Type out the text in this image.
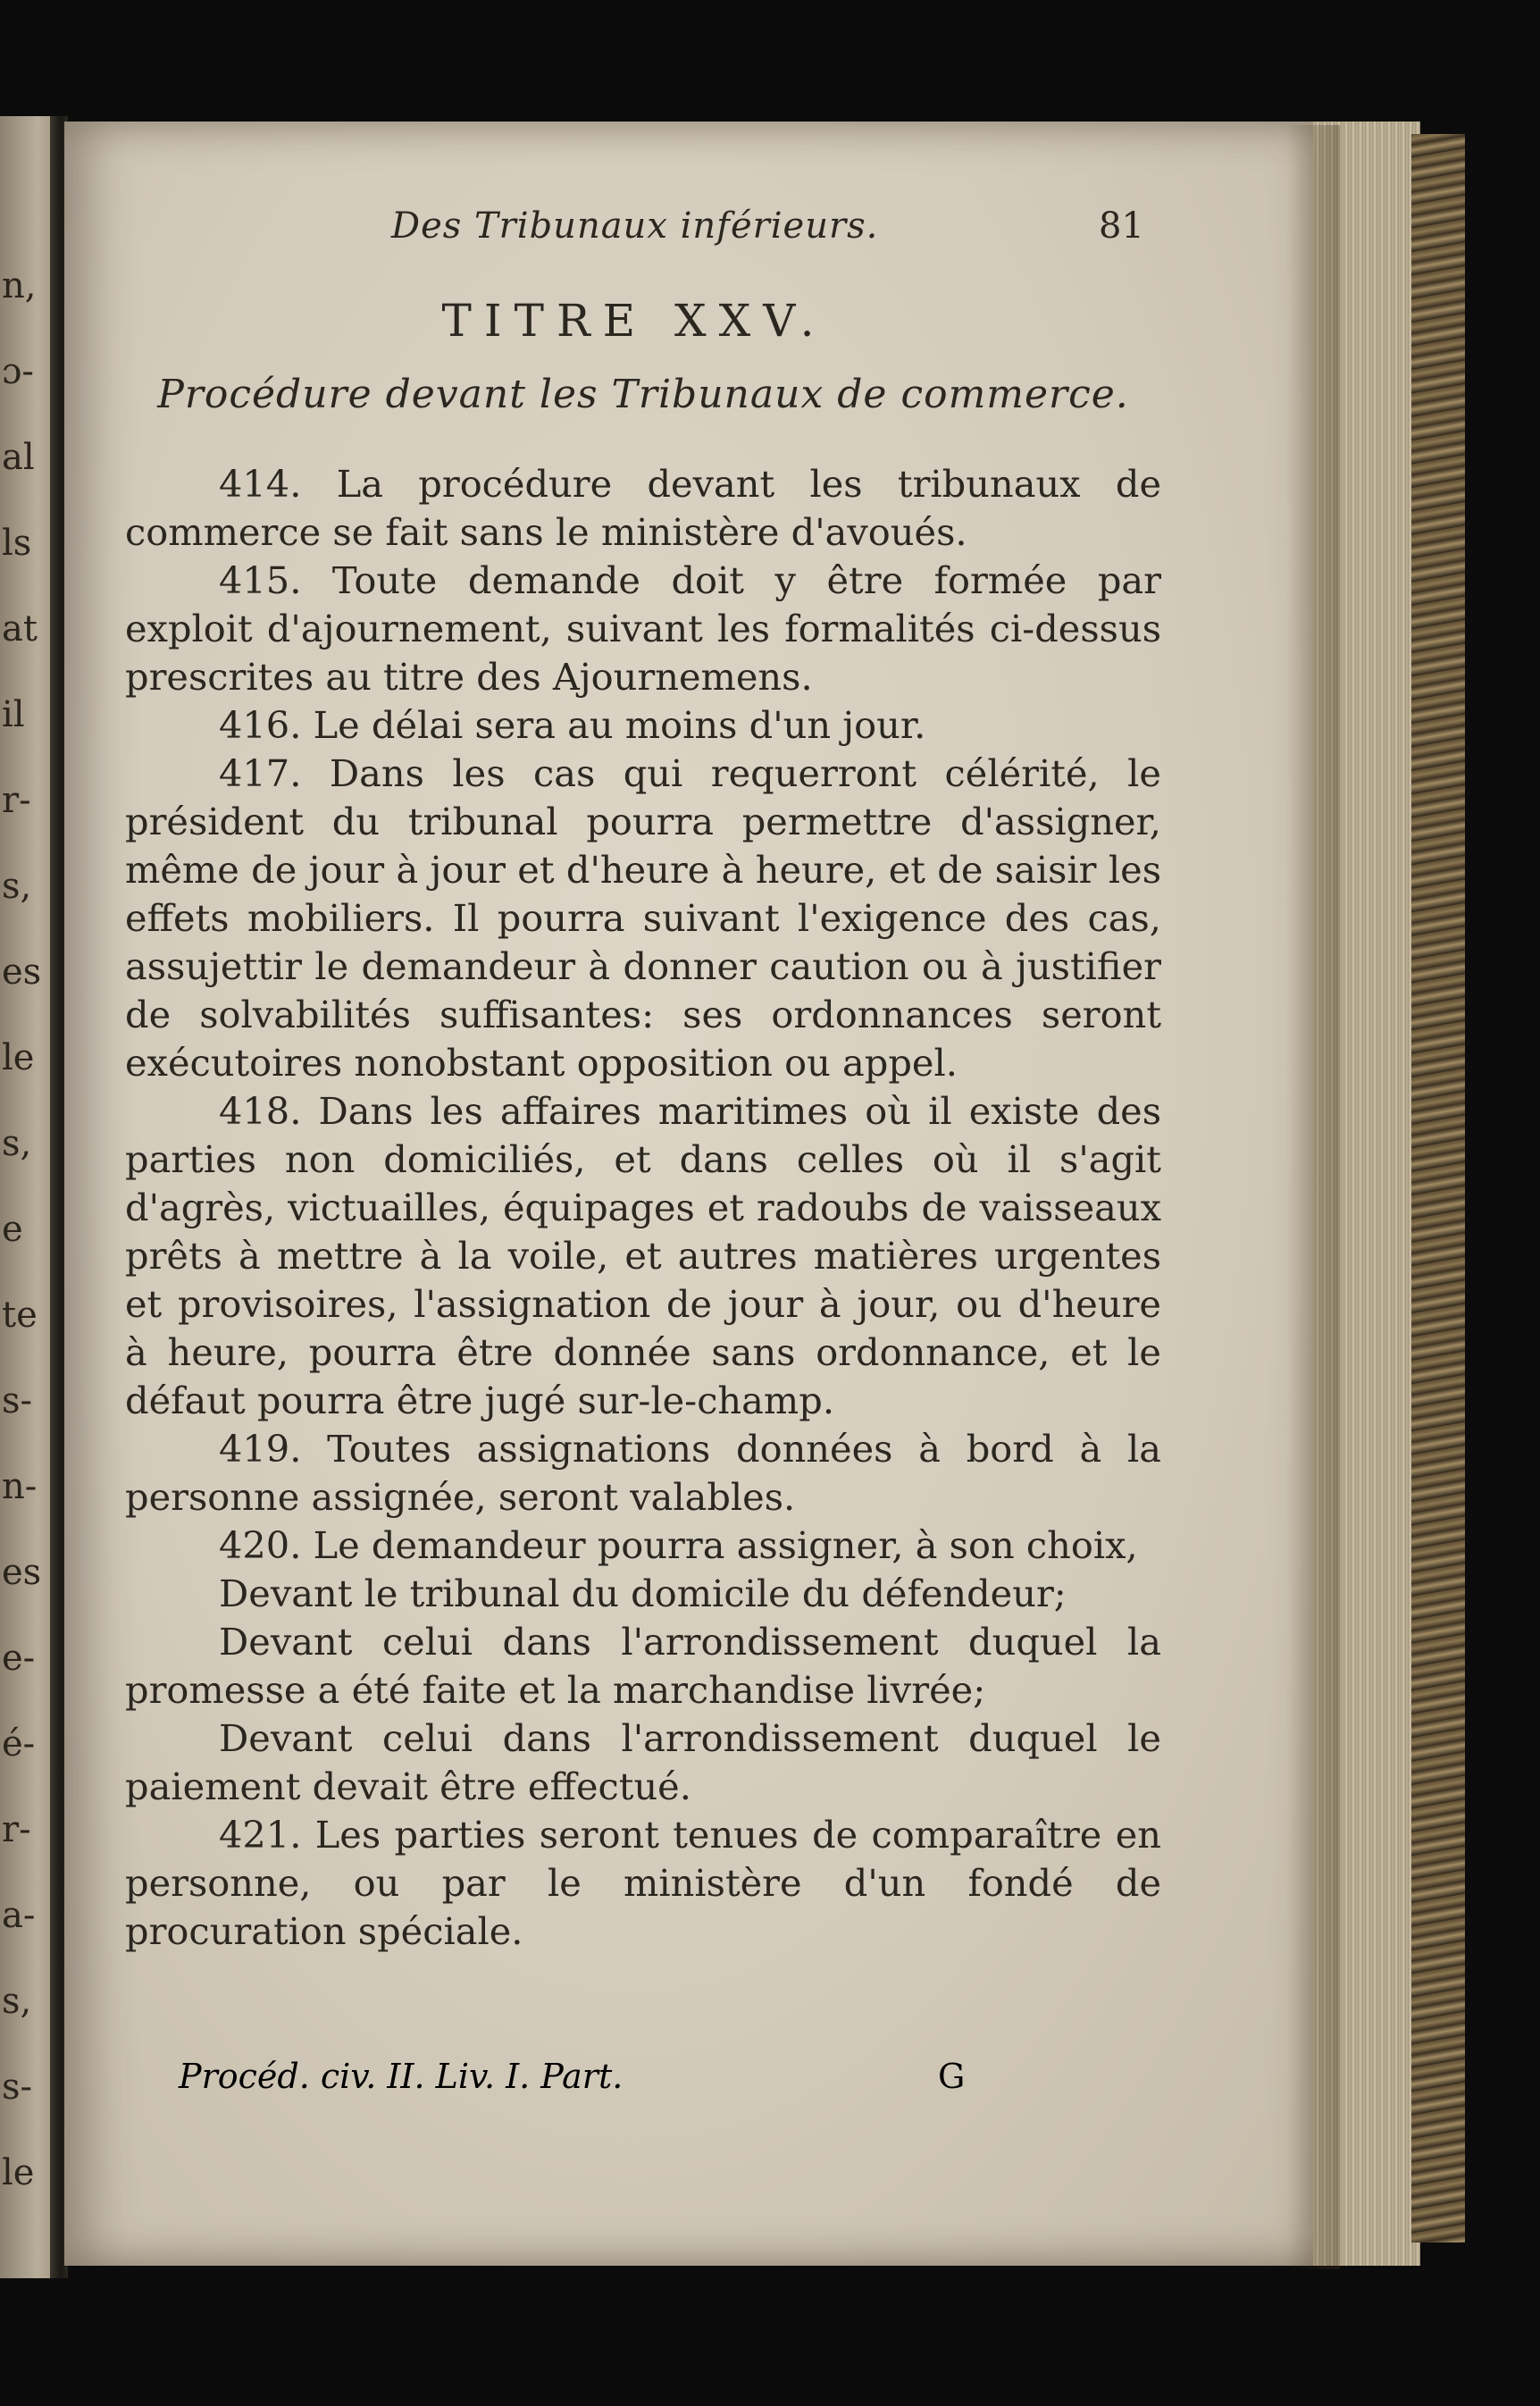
n,
ɔ-
al
ls
at
il
r-
s,
es
le
s,
e
te
s-
n-
es
e-
é-
r-
a-
s,
s-
le
Des Tribunaux inférieurs.	81
TITRE XXV.
Procédure devant les Tribunaux de commerce.

414. La procédure devant les tribunaux de commerce se fait sans le ministère d'avoués.

415. Toute demande doit y être formée par exploit d'ajournement, suivant les formalités ci-dessus prescrites au titre des Ajournemens.

416. Le délai sera au moins d'un jour.

417. Dans les cas qui requerront célérité, le président du tribunal pourra permettre d'assigner, même de jour à jour et d'heure à heure, et de saisir les effets mobiliers. Il pourra suivant l'exigence des cas, assujettir le demandeur à donner caution ou à justifier de solvabilités suffisantes: ses ordonnances seront exécutoires nonobstant opposition ou appel.

418. Dans les affaires maritimes où il existe des parties non domiciliés, et dans celles où il s'agit d'agrès, victuailles, équipages et radoubs de vaisseaux prêts à mettre à la voile, et autres matières urgentes et provisoires, l'assignation de jour à jour, ou d'heure à heure, pourra être donnée sans ordonnance, et le défaut pourra être jugé sur-le-champ.

419. Toutes assignations données à bord à la personne assignée, seront valables.

420. Le demandeur pourra assigner, à son choix,

Devant le tribunal du domicile du défendeur;

Devant celui dans l'arrondissement duquel la promesse a été faite et la marchandise livrée;

Devant celui dans l'arrondissement duquel le paiement devait être effectué.

421. Les parties seront tenues de comparaître en personne, ou par le ministère d'un fondé de procuration spéciale.

Procéd. civ. II. Liv. I. Part.	G
